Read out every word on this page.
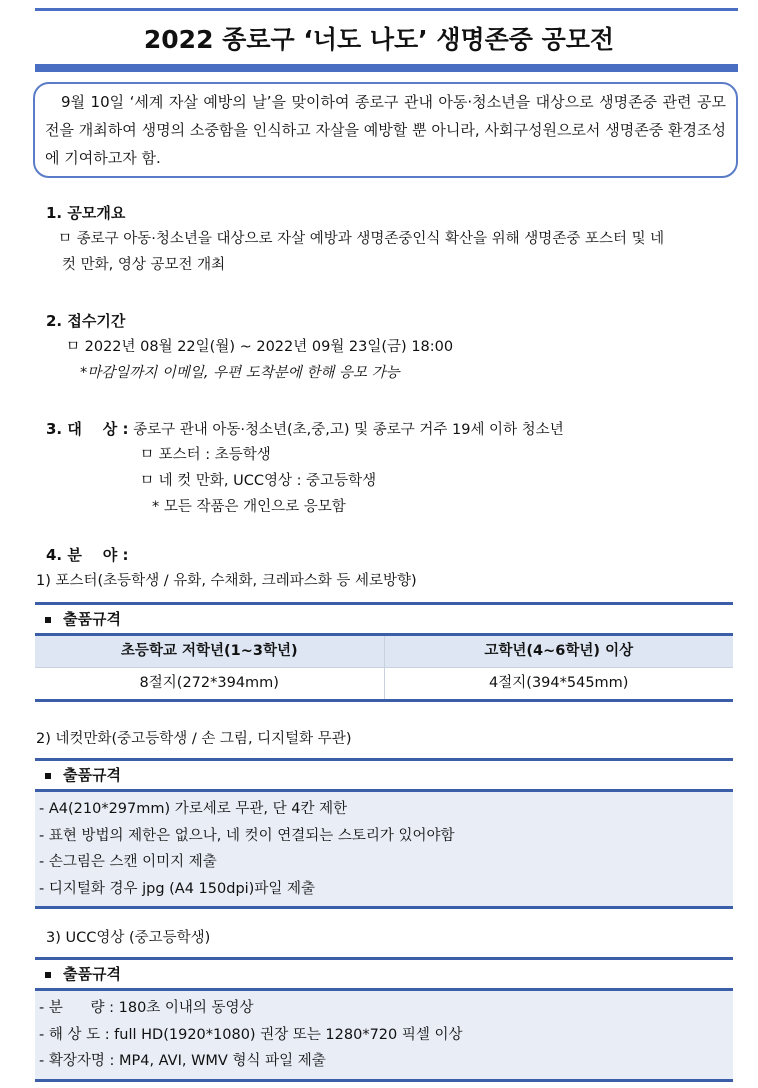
2022 종로구 ‘너도 나도’ 생명존중 공모전
9월 10일 ‘세계 자살 예방의 날’을 맞이하여 종로구 관내 아동·청소년을 대상으로 생명존중 관련 공모전을 개최하여 생명의 소중함을 인식하고 자살을 예방할 뿐 아니라, 사회구성원으로서 생명존중 환경조성에 기여하고자 함.
1. 공모개요
ㅁ 종로구 아동·청소년을 대상으로 자살 예방과 생명존중인식 확산을 위해 생명존중 포스터 및 네
컷 만화, 영상 공모전 개최
2. 접수기간
ㅁ 2022년 08월 22일(월) ~ 2022년 09월 23일(금) 18:00
*마감일까지 이메일, 우편 도착분에 한해 응모 가능
3. 대    상 : 종로구 관내 아동·청소년(초,중,고) 및 종로구 거주 19세 이하 청소년
ㅁ 포스터 : 초등학생
ㅁ 네 컷 만화, UCC영상 : 중고등학생
* 모든 작품은 개인으로 응모함
4. 분    야 :
1) 포스터(초등학생 / 유화, 수채화, 크레파스화 등 세로방향)
출품규격
초등학교 저학년(1~3학년)	고학년(4~6학년) 이상
8절지(272*394mm)	4절지(394*545mm)
2) 네컷만화(중고등학생 / 손 그림, 디지털화 무관)
출품규격
- A4(210*297mm) 가로세로 무관, 단 4칸 제한
- 표현 방법의 제한은 없으나, 네 컷이 연결되는 스토리가 있어야함
- 손그림은 스캔 이미지 제출
- 디지털화 경우 jpg (A4 150dpi)파일 제출
3) UCC영상 (중고등학생)
출품규격
- 분      량 : 180초 이내의 동영상
- 해 상 도 : full HD(1920*1080) 권장 또는 1280*720 픽셀 이상
- 확장자명 : MP4, AVI, WMV 형식 파일 제출
